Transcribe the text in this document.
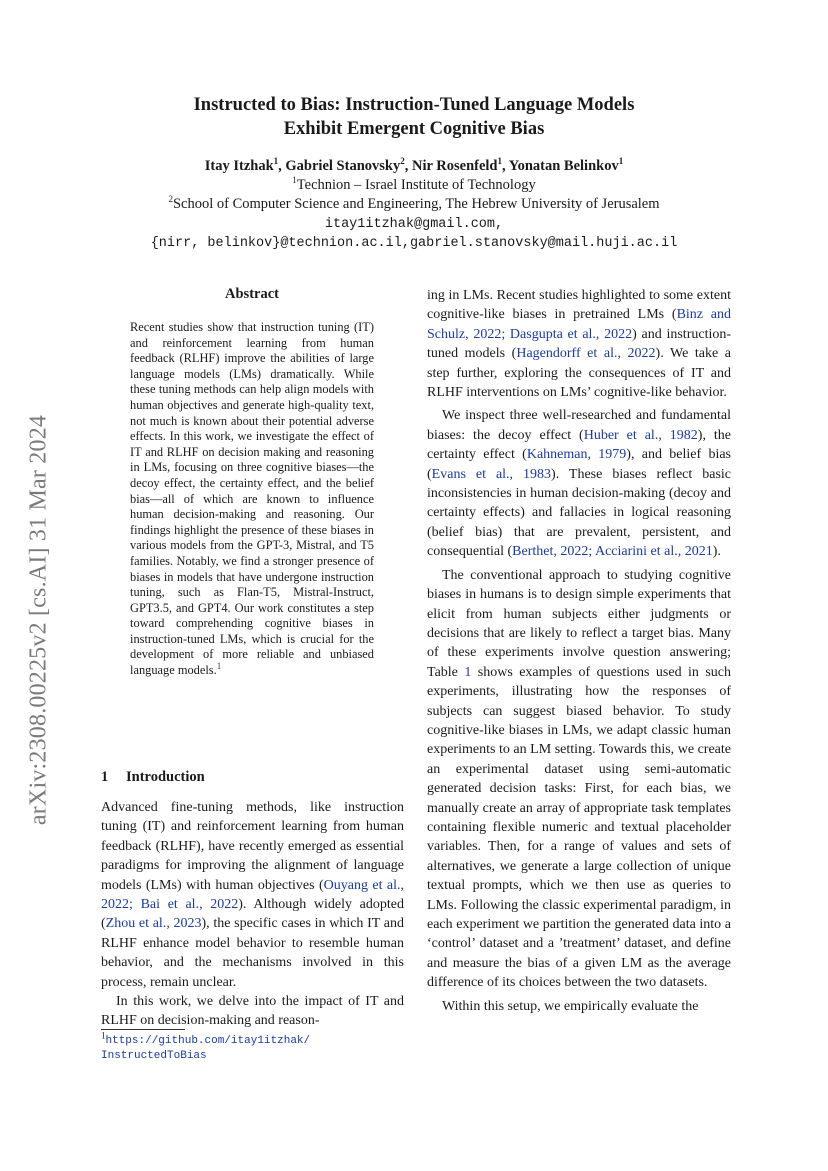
arXiv:2308.00225v2 [cs.AI] 31 Mar 2024
Instructed to Bias: Instruction-Tuned Language Models
Exhibit Emergent Cognitive Bias
Itay Itzhak$^1$, Gabriel Stanovsky$^2$, Nir Rosenfeld$^1$, Yonatan Belinkov$^1$
$^1$Technion – Israel Institute of Technology
$^2$School of Computer Science and Engineering, The Hebrew University of Jerusalem
itay1itzhak@gmail.com,
{nirr, belinkov}@technion.ac.il,gabriel.stanovsky@mail.huji.ac.il
Abstract
Recent studies show that instruction tuning (IT) and reinforcement learning from human feedback (RLHF) improve the abilities of large language models (LMs) dramatically. While these tuning methods can help align models with human objectives and generate high-quality text, not much is known about their potential adverse effects. In this work, we investigate the effect of IT and RLHF on decision making and reasoning in LMs, focusing on three cognitive biases—the decoy effect, the certainty effect, and the belief bias—all of which are known to influence human decision-making and reasoning. Our findings highlight the presence of these biases in various models from the GPT-3, Mistral, and T5 families. Notably, we find a stronger presence of biases in models that have undergone instruction tuning, such as Flan-T5, Mistral-Instruct, GPT3.5, and GPT4. Our work constitutes a step toward comprehending cognitive biases in instruction-tuned LMs, which is crucial for the development of more reliable and unbiased language models.$^1$
1 Introduction

Advanced fine-tuning methods, like instruction tuning (IT) and reinforcement learning from human feedback (RLHF), have recently emerged as essential paradigms for improving the alignment of language models (LMs) with human objectives (Ouyang et al., 2022; Bai et al., 2022). Although widely adopted (Zhou et al., 2023), the specific cases in which IT and RLHF enhance model behavior to resemble human behavior, and the mechanisms involved in this process, remain unclear.

In this work, we delve into the impact of IT and RLHF on decision-making and reason-

$^1$https://github.com/itay1itzhak/
InstructedToBias

ing in LMs. Recent studies highlighted to some extent cognitive-like biases in pretrained LMs (Binz and Schulz, 2022; Dasgupta et al., 2022) and instruction-tuned models (Hagendorff et al., 2022). We take a step further, exploring the consequences of IT and RLHF interventions on LMs’ cognitive-like behavior.

We inspect three well-researched and fundamental biases: the decoy effect (Huber et al., 1982), the certainty effect (Kahneman, 1979), and belief bias (Evans et al., 1983). These biases reflect basic inconsistencies in human decision-making (decoy and certainty effects) and fallacies in logical reasoning (belief bias) that are prevalent, persistent, and consequential (Berthet, 2022; Acciarini et al., 2021).

The conventional approach to studying cognitive biases in humans is to design simple experiments that elicit from human subjects either judgments or decisions that are likely to reflect a target bias. Many of these experiments involve question answering; Table 1 shows examples of questions used in such experiments, illustrating how the responses of subjects can suggest biased behavior. To study cognitive-like biases in LMs, we adapt classic human experiments to an LM setting. Towards this, we create an experimental dataset using semi-automatic generated decision tasks: First, for each bias, we manually create an array of appropriate task templates containing flexible numeric and textual placeholder variables. Then, for a range of values and sets of alternatives, we generate a large collection of unique textual prompts, which we then use as queries to LMs. Following the classic experimental paradigm, in each experiment we partition the generated data into a ‘control’ dataset and a ’treatment’ dataset, and define and measure the bias of a given LM as the average difference of its choices between the two datasets.

Within this setup, we empirically evaluate the
